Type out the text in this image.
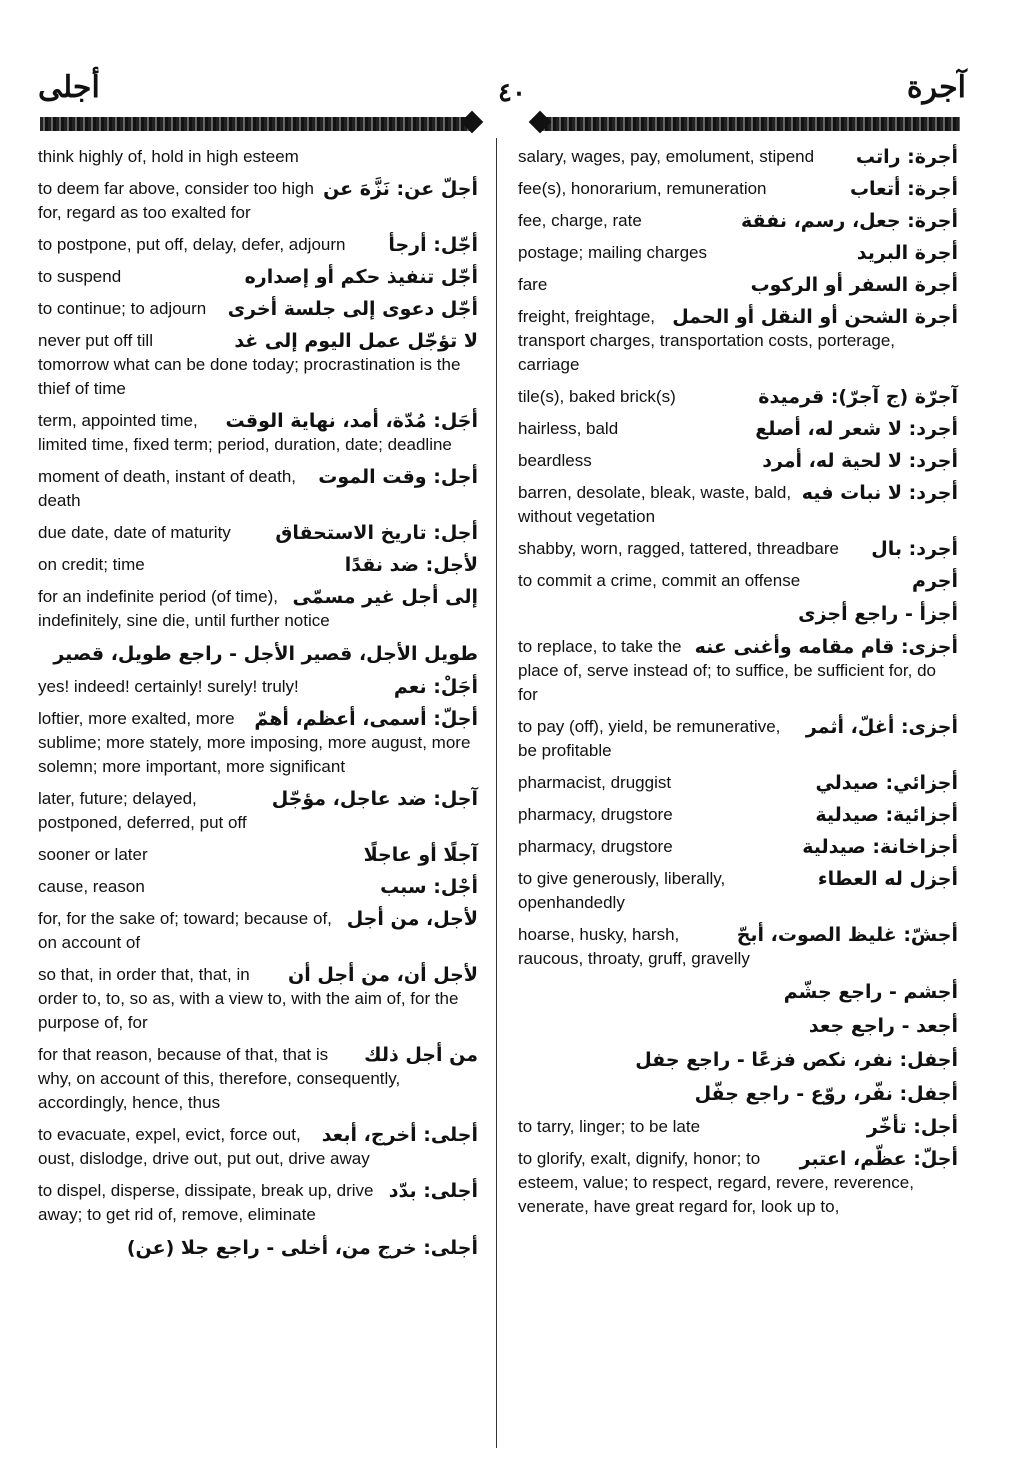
أجلى	٤٠	آجرة
think highly of, hold in high esteem
أجلّ عن: نَزَّهَ عن
to deem far above, consider too high for, regard as too exalted for
أجّل: أرجأ
to postpone, put off, delay, defer, adjourn
أجّل تنفيذ حكم أو إصداره
to suspend
أجّل دعوى إلى جلسة أخرى
to continue; to adjourn
لا تؤجّل عمل اليوم إلى غد
never put off till tomorrow what can be done today; procrastination is the thief of time
أجَل: مُدّة، أمد، نهاية الوقت
term, appointed time, limited time, fixed term; period, duration, date; deadline
أجل: وقت الموت
moment of death, instant of death, death
أجل: تاريخ الاستحقاق
due date, date of maturity
لأجل: ضد نقدًا
on credit; time
إلى أجل غير مسمّى
for an indefinite period (of time), indefinitely, sine die, until further notice
طويل الأجل، قصير الأجل - راجع طويل، قصير
أجَلْ: نعم
yes! indeed! certainly! surely! truly!
أجلّ: أسمى، أعظم، أهمّ
loftier, more exalted, more sublime; more stately, more imposing, more august, more solemn; more important, more significant
آجل: ضد عاجل، مؤجّل
later, future; delayed, postponed, deferred, put off
آجلًا أو عاجلًا
sooner or later
أجْل: سبب
cause, reason
لأجل، من أجل
for, for the sake of; toward; because of, on account of
لأجل أن، من أجل أن
so that, in order that, that, in order to, to, so as, with a view to, with the aim of, for the purpose of, for
من أجل ذلك
for that reason, because of that, that is why, on account of this, therefore, consequently, accordingly, hence, thus
أجلى: أخرج، أبعد
to evacuate, expel, evict, force out, oust, dislodge, drive out, put out, drive away
أجلى: بدّد
to dispel, disperse, dissipate, break up, drive away; to get rid of, remove, eliminate
أجلى: خرج من، أخلى - راجع جلا (عن)
أجرة: راتب
salary, wages, pay, emolument, stipend
أجرة: أتعاب
fee(s), honorarium, remuneration
أجرة: جعل، رسم، نفقة
fee, charge, rate
أجرة البريد
postage; mailing charges
أجرة السفر أو الركوب
fare
أجرة الشحن أو النقل أو الحمل
freight, freightage, transport charges, transportation costs, porterage, carriage
آجرّة (ج آجرّ): قرميدة
tile(s), baked brick(s)
أجرد: لا شعر له، أصلع
hairless, bald
أجرد: لا لحية له، أمرد
beardless
أجرد: لا نبات فيه
barren, desolate, bleak, waste, bald, without vegetation
أجرد: بال
shabby, worn, ragged, tattered, threadbare
أجرم
to commit a crime, commit an offense
أجزأ - راجع أجزى
أجزى: قام مقامه وأغنى عنه
to replace, to take the place of, serve instead of; to suffice, be sufficient for, do for
أجزى: أغلّ، أثمر
to pay (off), yield, be remunerative, be profitable
أجزائي: صيدلي
pharmacist, druggist
أجزائية: صيدلية
pharmacy, drugstore
أجزاخانة: صيدلية
pharmacy, drugstore
أجزل له العطاء
to give generously, liberally, openhandedly
أجشّ: غليظ الصوت، أبحّ
hoarse, husky, harsh, raucous, throaty, gruff, gravelly
أجشم - راجع جشّم
أجعد - راجع جعد
أجفل: نفر، نكص فزعًا - راجع جفل
أجفل: نفّر، روّع - راجع جفّل
أجل: تأخّر
to tarry, linger; to be late
أجلّ: عظّم، اعتبر
to glorify, exalt, dignify, honor; to esteem, value; to respect, regard, revere, reverence, venerate, have great regard for, look up to,
